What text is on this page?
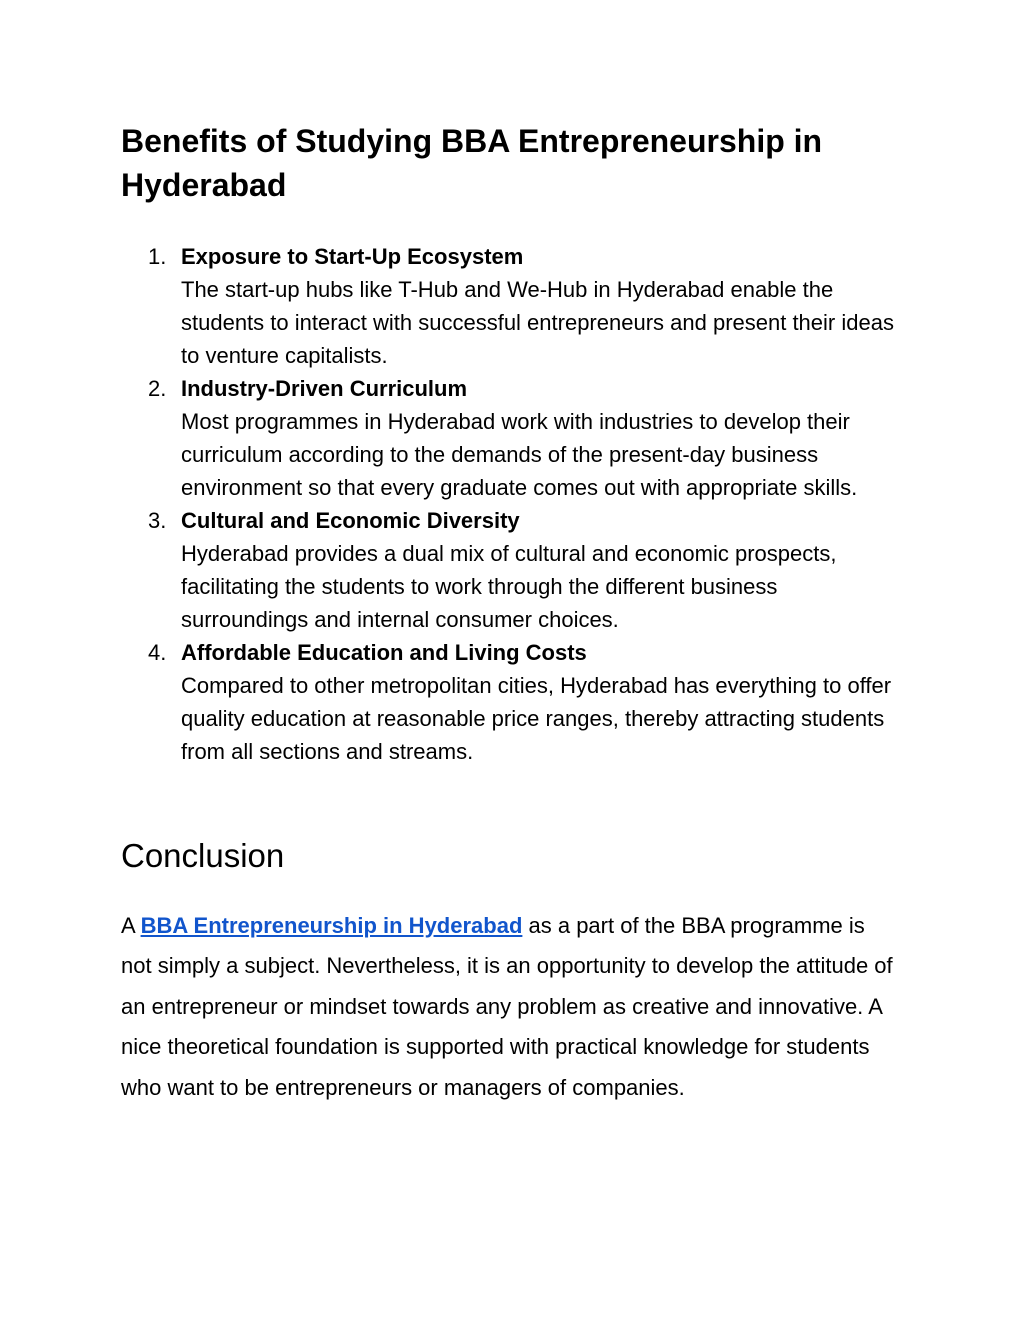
Benefits of Studying BBA Entrepreneurship in Hyderabad
1. Exposure to Start-Up Ecosystem
The start-up hubs like T-Hub and We-Hub in Hyderabad enable the students to interact with successful entrepreneurs and present their ideas to venture capitalists.
2. Industry-Driven Curriculum
Most programmes in Hyderabad work with industries to develop their curriculum according to the demands of the present-day business environment so that every graduate comes out with appropriate skills.
3. Cultural and Economic Diversity
Hyderabad provides a dual mix of cultural and economic prospects, facilitating the students to work through the different business surroundings and internal consumer choices.
4. Affordable Education and Living Costs
Compared to other metropolitan cities, Hyderabad has everything to offer quality education at reasonable price ranges, thereby attracting students from all sections and streams.
Conclusion

A BBA Entrepreneurship in Hyderabad as a part of the BBA programme is not simply a subject. Nevertheless, it is an opportunity to develop the attitude of an entrepreneur or mindset towards any problem as creative and innovative. A nice theoretical foundation is supported with practical knowledge for students who want to be entrepreneurs or managers of companies.
